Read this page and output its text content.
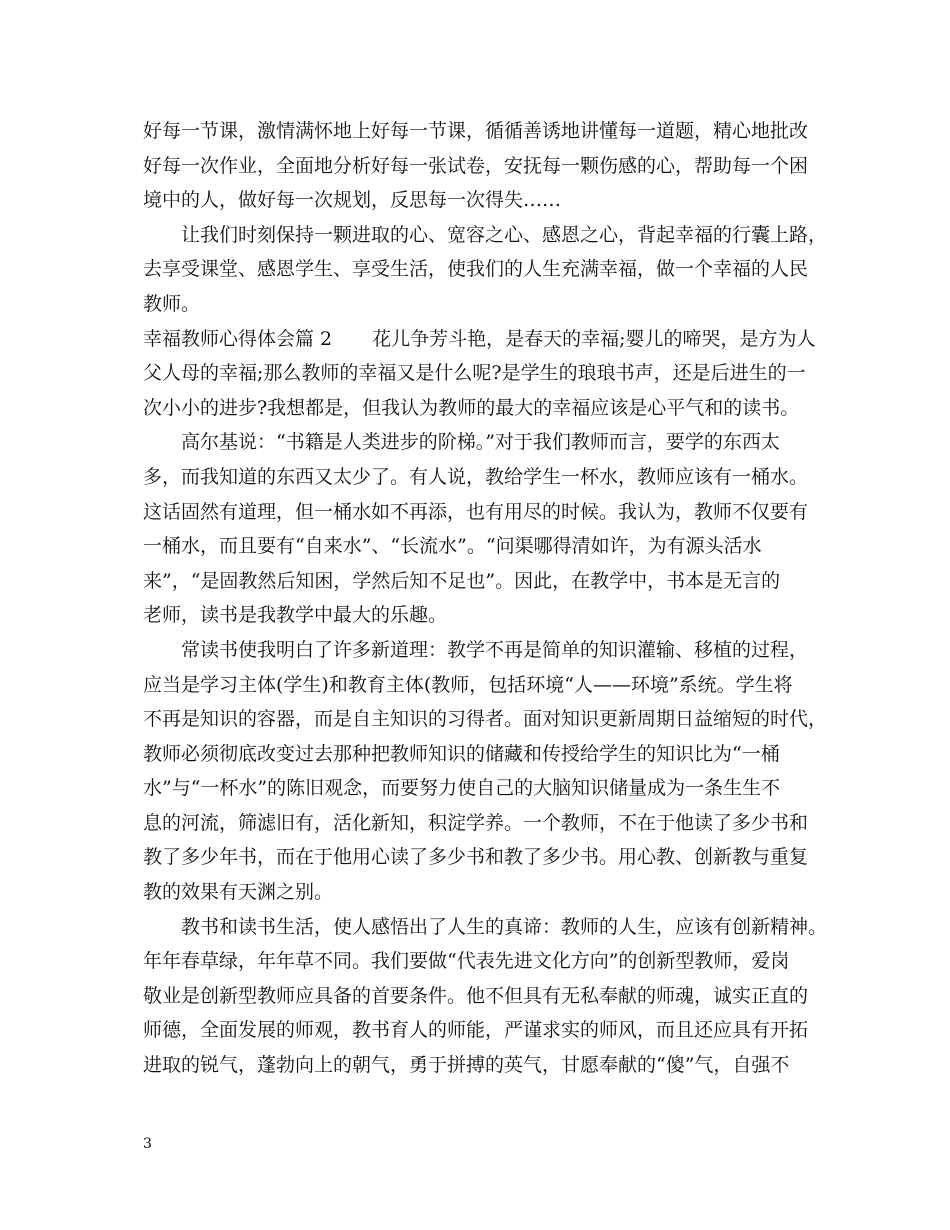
好每一节课，激情满怀地上好每一节课，循循善诱地讲懂每一道题，精心地批改
好每一次作业，全面地分析好每一张试卷，安抚每一颗伤感的心，帮助每一个困
境中的人，做好每一次规划，反思每一次得失……
让我们时刻保持一颗进取的心、宽容之心、感恩之心，背起幸福的行囊上路，
去享受课堂、感恩学生、享受生活，使我们的人生充满幸福，做一个幸福的人民
教师。
幸福教师心得体会篇 2 花儿争芳斗艳，是春天的幸福;婴儿的啼哭，是方为人
父人母的幸福;那么教师的幸福又是什么呢?是学生的琅琅书声，还是后进生的一
次小小的进步?我想都是，但我认为教师的最大的幸福应该是心平气和的读书。
高尔基说：“书籍是人类进步的阶梯。”对于我们教师而言，要学的东西太
多，而我知道的东西又太少了。有人说，教给学生一杯水，教师应该有一桶水。
这话固然有道理，但一桶水如不再添，也有用尽的时候。我认为，教师不仅要有
一桶水，而且要有“自来水”、“长流水”。“问渠哪得清如许，为有源头活水
来”，“是固教然后知困，学然后知不足也”。因此，在教学中，书本是无言的
老师，读书是我教学中最大的乐趣。
常读书使我明白了许多新道理：教学不再是简单的知识灌输、移植的过程，
应当是学习主体(学生)和教育主体(教师，包括环境“人——环境”系统。学生将
不再是知识的容器，而是自主知识的习得者。面对知识更新周期日益缩短的时代，
教师必须彻底改变过去那种把教师知识的储藏和传授给学生的知识比为“一桶
水”与“一杯水”的陈旧观念，而要努力使自己的大脑知识储量成为一条生生不
息的河流，筛滤旧有，活化新知，积淀学养。一个教师，不在于他读了多少书和
教了多少年书，而在于他用心读了多少书和教了多少书。用心教、创新教与重复
教的效果有天渊之别。
教书和读书生活，使人感悟出了人生的真谛：教师的人生，应该有创新精神。
年年春草绿，年年草不同。我们要做“代表先进文化方向”的创新型教师，爱岗
敬业是创新型教师应具备的首要条件。他不但具有无私奉献的师魂，诚实正直的
师德，全面发展的师观，教书育人的师能，严谨求实的师风，而且还应具有开拓
进取的锐气，蓬勃向上的朝气，勇于拼搏的英气，甘愿奉献的“傻”气，自强不
3
